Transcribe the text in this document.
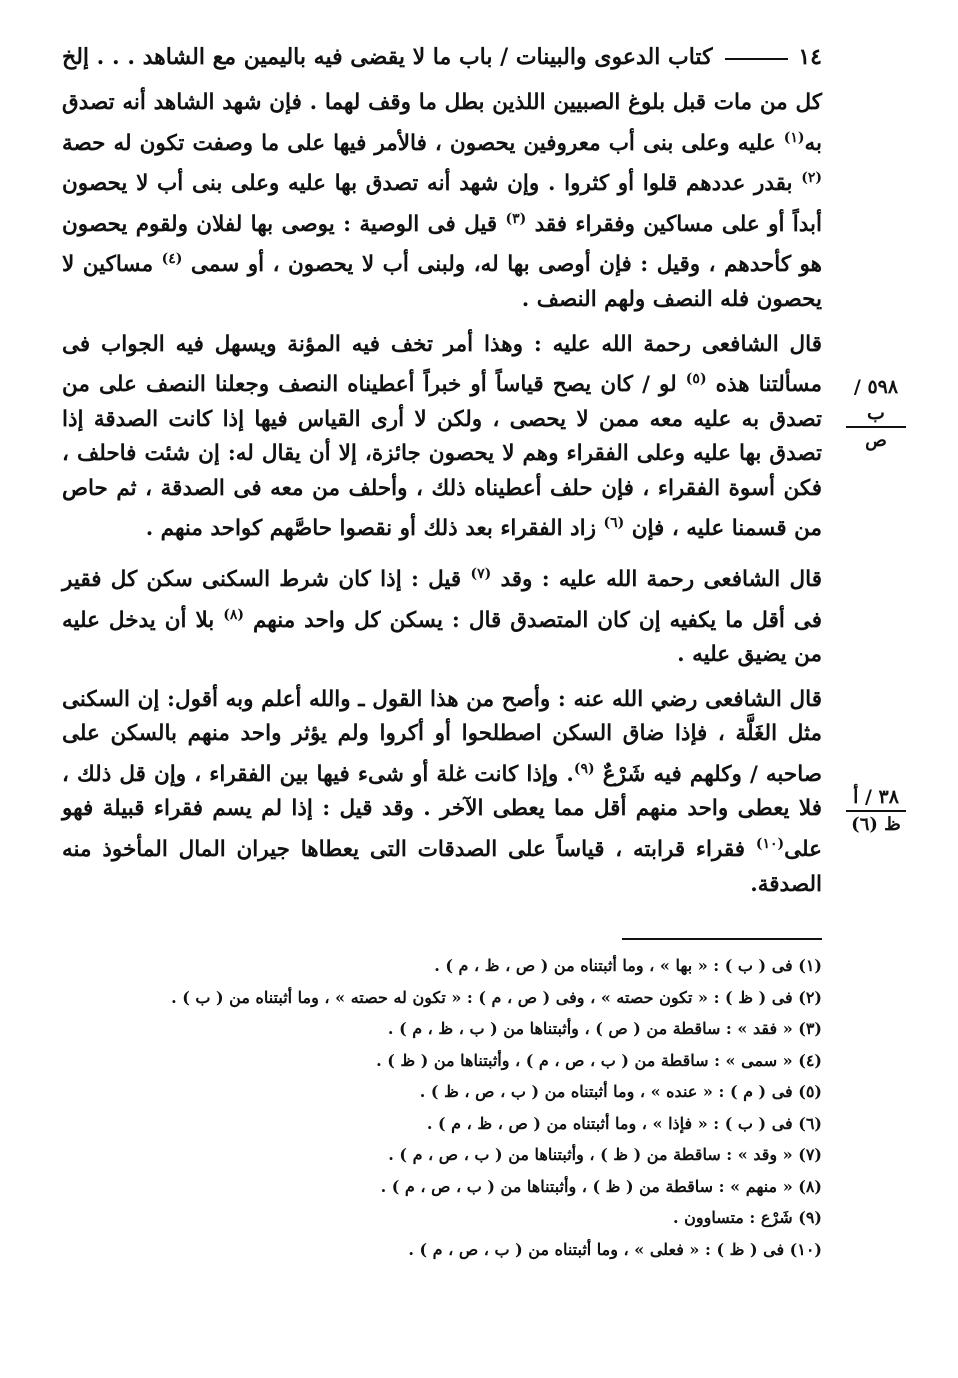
١٤
كتاب الدعوى والبينات / باب ما لا يقضى فيه باليمين مع الشاهد . . . إلخ

كل من مات قبل بلوغ الصبيين اللذين بطل ما وقف لهما . فإن شهد الشاهد أنه تصدق به$^{(١)}$ عليه وعلى بنى أب معروفين يحصون ، فالأمر فيها على ما وصفت تكون له حصة $^{(٢)}$ بقدر عددهم قلوا أو كثروا . وإن شهد أنه تصدق بها عليه وعلى بنى أب لا يحصون أبداً أو على مساكين وفقراء فقد $^{(٣)}$ قيل فى الوصية : يوصى بها لفلان ولقوم يحصون هو كأحدهم ، وقيل : فإن أوصى بها له، ولبنى أب لا يحصون ، أو سمى $^{(٤)}$ مساكين لا يحصون فله النصف ولهم النصف .

قال الشافعى رحمة الله عليه : وهذا أمر تخف فيه المؤنة ويسهل فيه الجواب فى مسألتنا هذه $^{(٥)}$ لو / كان يصح قياساً أو خبراً أعطيناه النصف وجعلنا النصف على من تصدق به عليه معه ممن لا يحصى ، ولكن لا أرى القياس فيها إذا كانت الصدقة إذا تصدق بها عليه وعلى الفقراء وهم لا يحصون جائزة، إلا أن يقال له: إن شئت فاحلف ، فكن أسوة الفقراء ، فإن حلف أعطيناه ذلك ، وأحلف من معه فى الصدقة ، ثم حاص من قسمنا عليه ، فإن $^{(٦)}$ زاد الفقراء بعد ذلك أو نقصوا حاصَّهم كواحد منهم .

قال الشافعى رحمة الله عليه : وقد $^{(٧)}$ قيل : إذا كان شرط السكنى سكن كل فقير فى أقل ما يكفيه إن كان المتصدق قال : يسكن كل واحد منهم $^{(٨)}$ بلا أن يدخل عليه من يضيق عليه .

قال الشافعى رضي الله عنه : وأصح من هذا القول ـ والله أعلم وبه أقول: إن السكنى مثل الغَلَّة ، فإذا ضاق السكن اصطلحوا أو أكروا ولم يؤثر واحد منهم بالسكن على صاحبه / وكلهم فيه شَرْعٌ $^{(٩)}$. وإذا كانت غلة أو شىء فيها بين الفقراء ، وإن قل ذلك ، فلا يعطى واحد منهم أقل مما يعطى الآخر . وقد قيل : إذا لم يسم فقراء قبيلة فهو على$^{(١٠)}$ فقراء قرابته ، قياساً على الصدقات التى يعطاها جيران المال المأخوذ منه الصدقة.

٥٩٨ / ب
ص
٣٨ / أ
ظ (٦)
(١) فى ( ب ) : « بها » ، وما أثبتناه من ( ص ، ظ ، م ) .
(٢) فى ( ظ ) : « تكون حصته » ، وفى ( ص ، م ) : « تكون له حصته » ، وما أثبتناه من ( ب ) .
(٣) « فقد » : ساقطة من ( ص ) ، وأثبتناها من ( ب ، ظ ، م ) .
(٤) « سمى » : ساقطة من ( ب ، ص ، م ) ، وأثبتناها من ( ظ ) .
(٥) فى ( م ) : « عنده » ، وما أثبتناه من ( ب ، ص ، ظ ) .
(٦) فى ( ب ) : « فإذا » ، وما أثبتناه من ( ص ، ظ ، م ) .
(٧) « وقد » : ساقطة من ( ظ ) ، وأثبتناها من ( ب ، ص ، م ) .
(٨) « منهم » : ساقطة من ( ظ ) ، وأثبتناها من ( ب ، ص ، م ) .
(٩) شَرْع : متساوون .
(١٠) فى ( ظ ) : « فعلى » ، وما أثبتناه من ( ب ، ص ، م ) .
